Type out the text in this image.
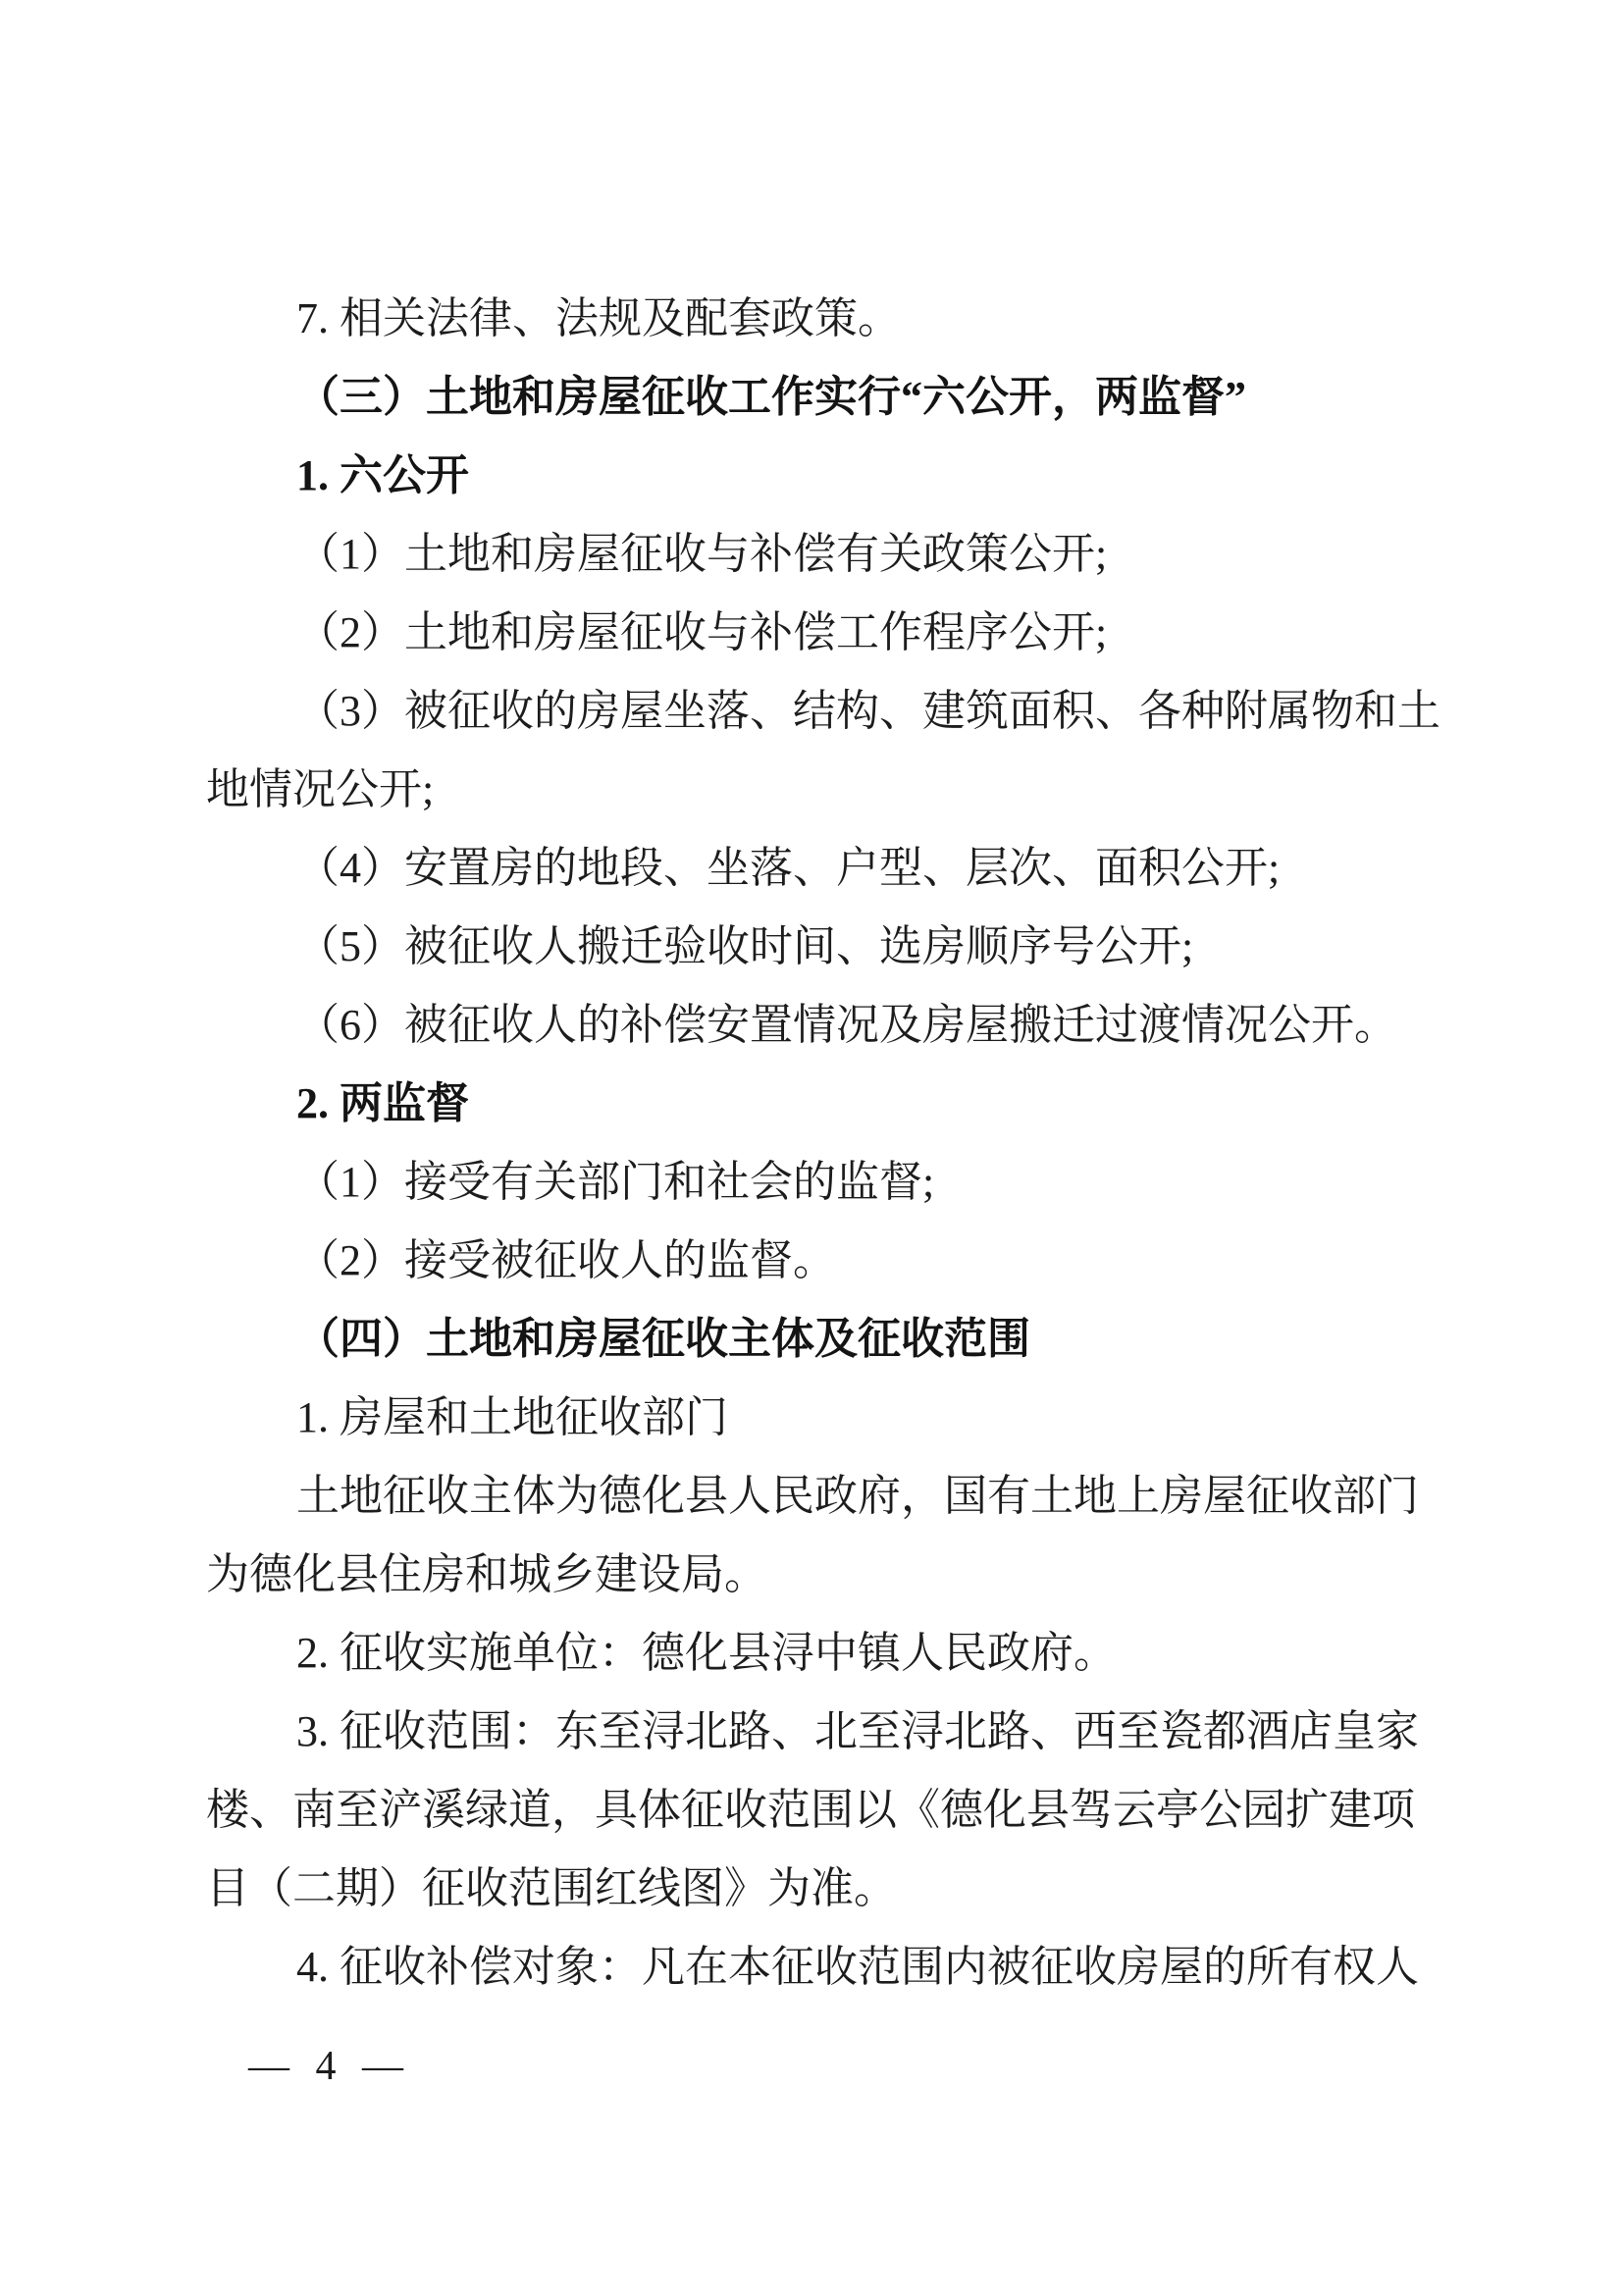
7. 相关法律、法规及配套政策。

（三）土地和房屋征收工作实行“六公开，两监督”

1. 六公开

（1）土地和房屋征收与补偿有关政策公开;

（2）土地和房屋征收与补偿工作程序公开;

（3）被征收的房屋坐落、结构、建筑面积、各种附属物和土

地情况公开;

（4）安置房的地段、坐落、户型、层次、面积公开;

（5）被征收人搬迁验收时间、选房顺序号公开;

（6）被征收人的补偿安置情况及房屋搬迁过渡情况公开。

2. 两监督

（1）接受有关部门和社会的监督;

（2）接受被征收人的监督。

（四）土地和房屋征收主体及征收范围

1. 房屋和土地征收部门

土地征收主体为德化县人民政府，国有土地上房屋征收部门

为德化县住房和城乡建设局。

2. 征收实施单位：德化县浔中镇人民政府。

3. 征收范围：东至浔北路、北至浔北路、西至瓷都酒店皇家

楼、南至浐溪绿道，具体征收范围以《德化县驾云亭公园扩建项

目（二期）征收范围红线图》为准。

4. 征收补偿对象：凡在本征收范围内被征收房屋的所有权人

— 4 —
